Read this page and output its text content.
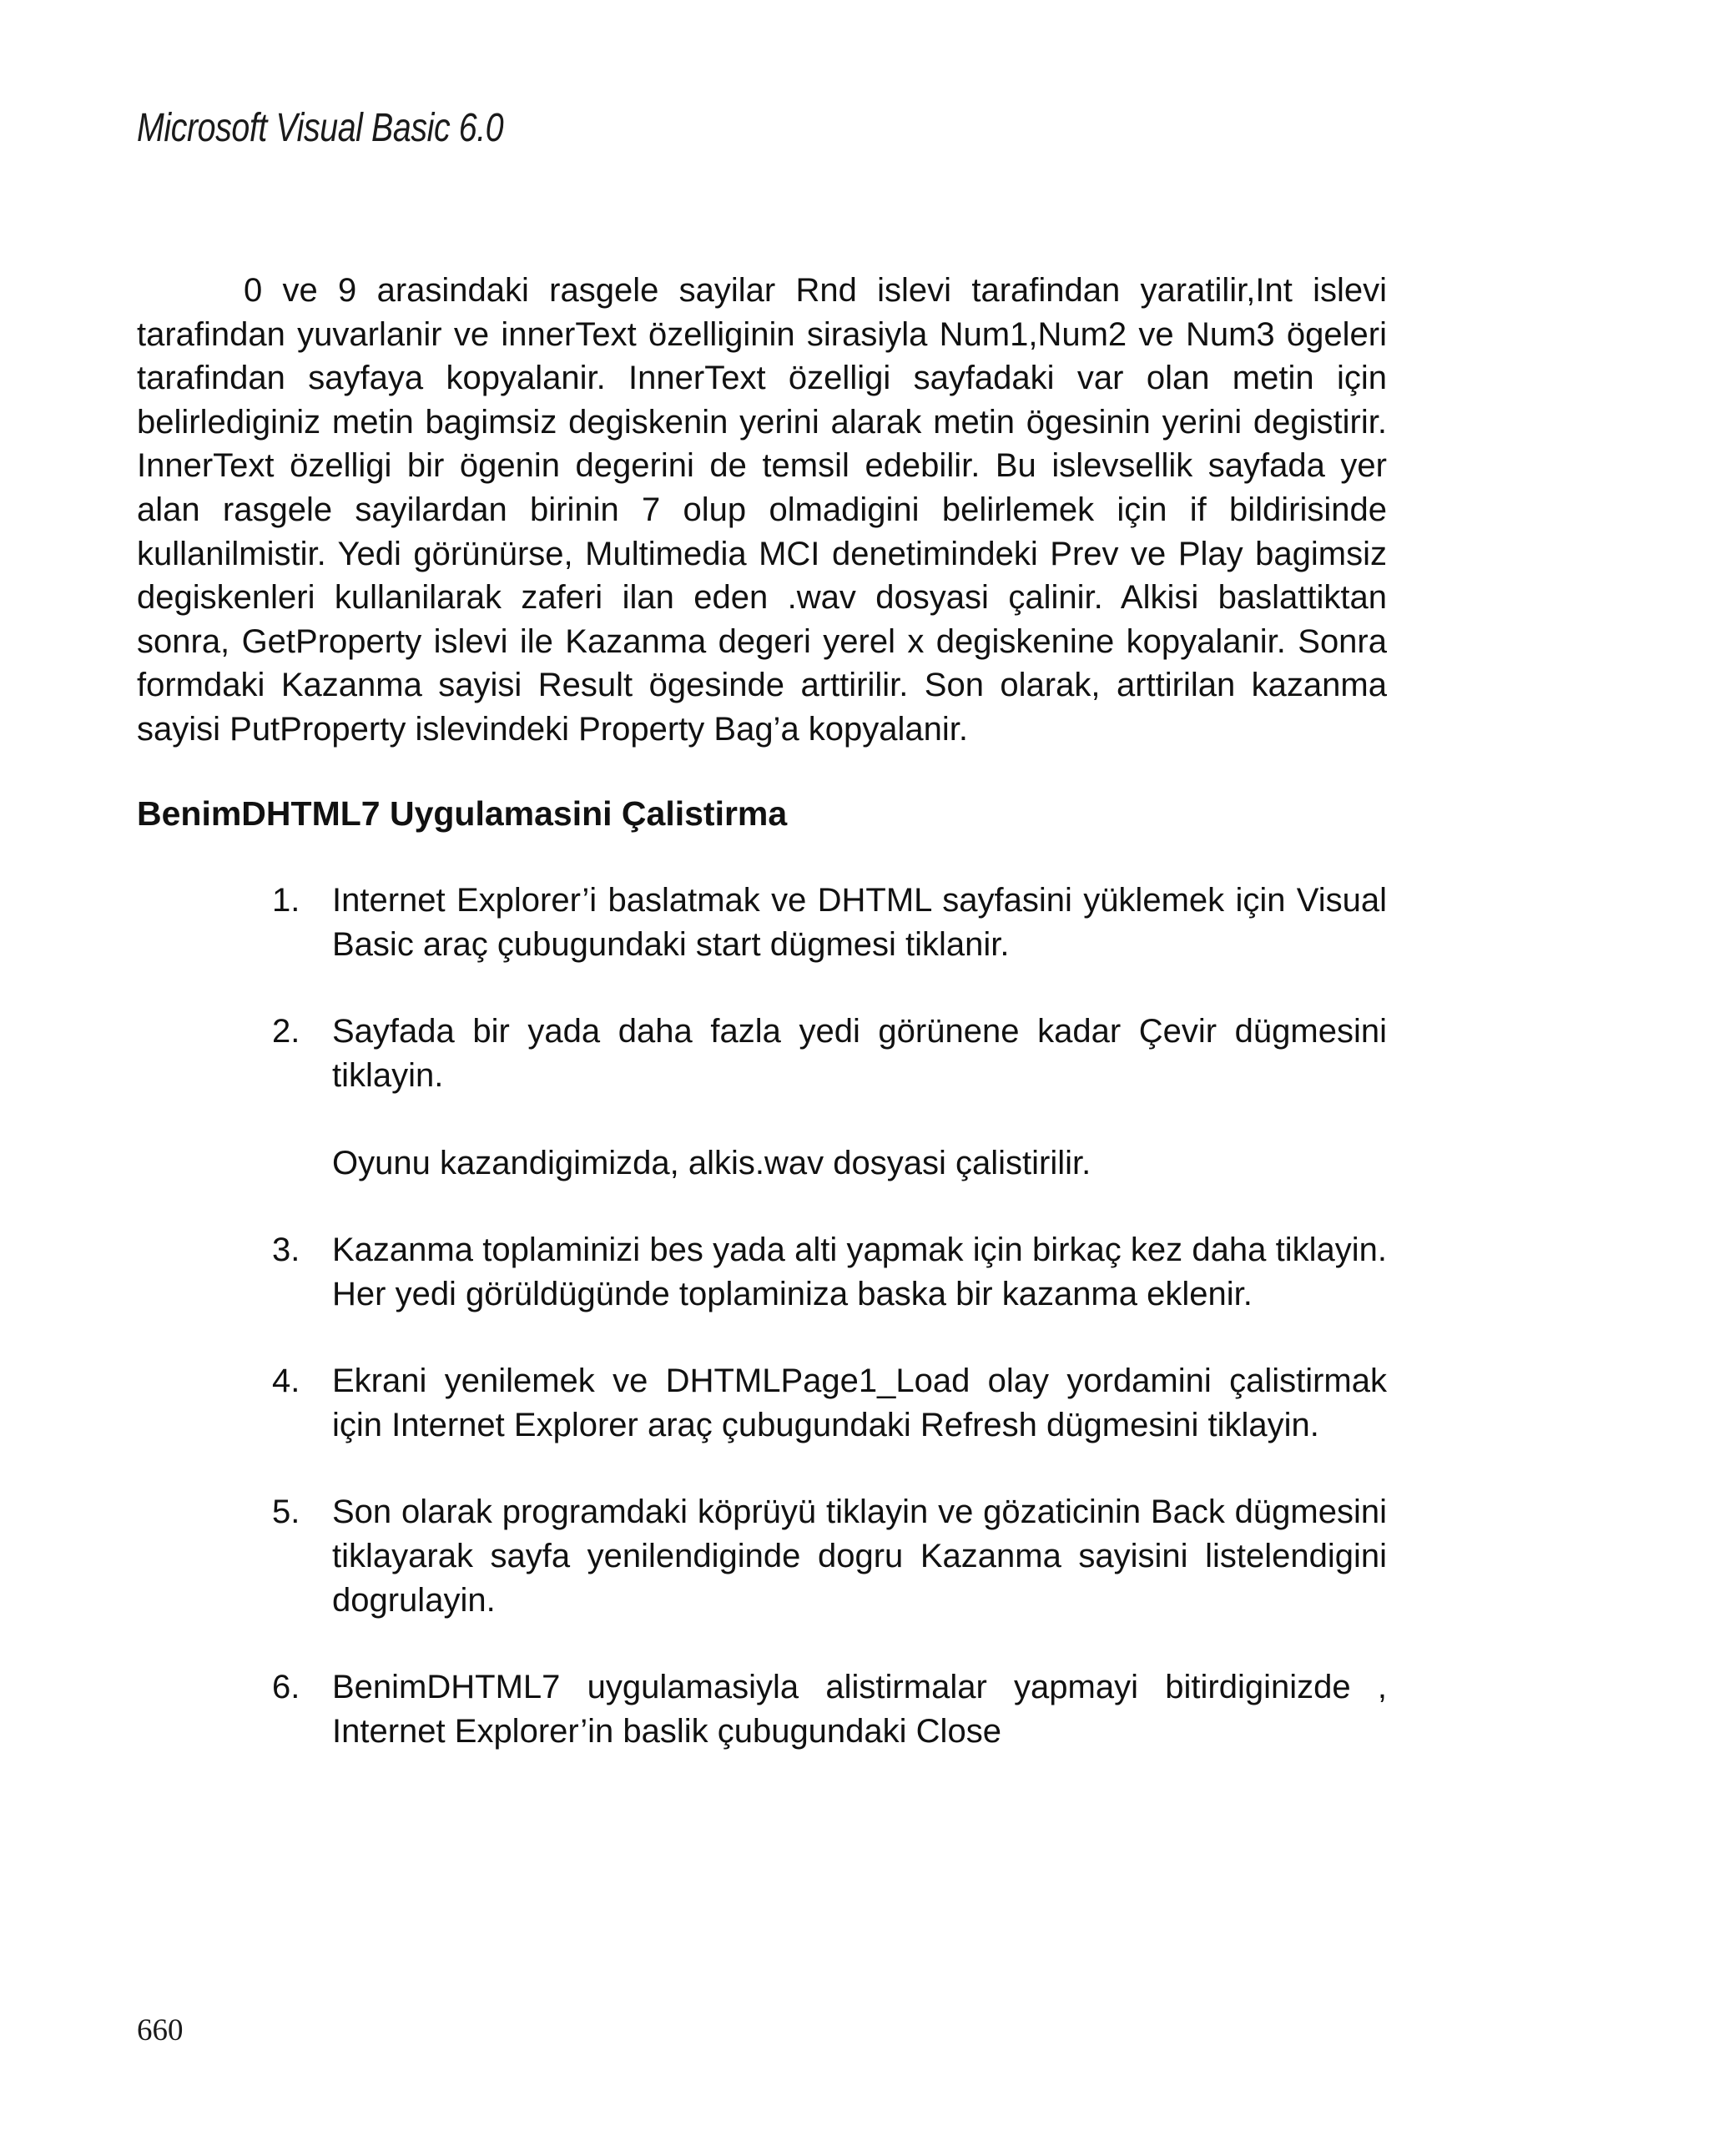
Microsoft Visual Basic 6.0

0 ve 9 arasindaki rasgele sayilar Rnd islevi tarafindan yaratilir,Int islevi tarafindan yuvarlanir ve innerText özelliginin sirasiyla Num1,Num2 ve Num3 ögeleri tarafindan sayfaya kopyalanir. InnerText özelligi sayfadaki var olan metin için belirlediginiz metin bagimsiz degiskenin yerini alarak metin ögesinin yerini degistirir. InnerText özelligi bir ögenin degerini de temsil edebilir. Bu islevsellik sayfada yer alan rasgele sayilardan birinin 7 olup olmadigini belirlemek için if bildirisinde kullanilmistir. Yedi görünürse, Multimedia MCI denetimindeki Prev ve Play bagimsiz degiskenleri kullanilarak zaferi ilan eden .wav dosyasi çalinir. Alkisi baslattiktan sonra, GetProperty islevi ile Kazanma degeri yerel x degiskenine kopyalanir. Sonra formdaki Kazanma sayisi Result ögesinde arttirilir. Son olarak, arttirilan kazanma sayisi PutProperty islevindeki Property Bag’a kopyalanir.

BenimDHTML7 Uygulamasini Çalistirma
1. Internet Explorer’i baslatmak ve DHTML sayfasini yüklemek için Visual Basic araç çubugundaki start dügmesi tiklanir.

2. Sayfada bir yada daha fazla yedi görünene kadar Çevir dügmesini tiklayin.

Oyunu kazandigimizda, alkis.wav dosyasi çalistirilir.

3. Kazanma toplaminizi bes yada alti yapmak için birkaç kez daha tiklayin. Her yedi görüldügünde toplaminiza baska bir kazanma eklenir.

4. Ekrani yenilemek ve DHTMLPage1_Load olay yordamini çalistirmak için Internet Explorer araç çubugundaki Refresh dügmesini tiklayin.

5. Son olarak programdaki köprüyü tiklayin ve gözaticinin Back dügmesini tiklayarak sayfa yenilendiginde dogru Kazanma sayisini listelendigini dogrulayin.

6. BenimDHTML7 uygulamasiyla alistirmalar yapmayi bitirdiginizde , Internet Explorer’in baslik çubugundaki Close

660
